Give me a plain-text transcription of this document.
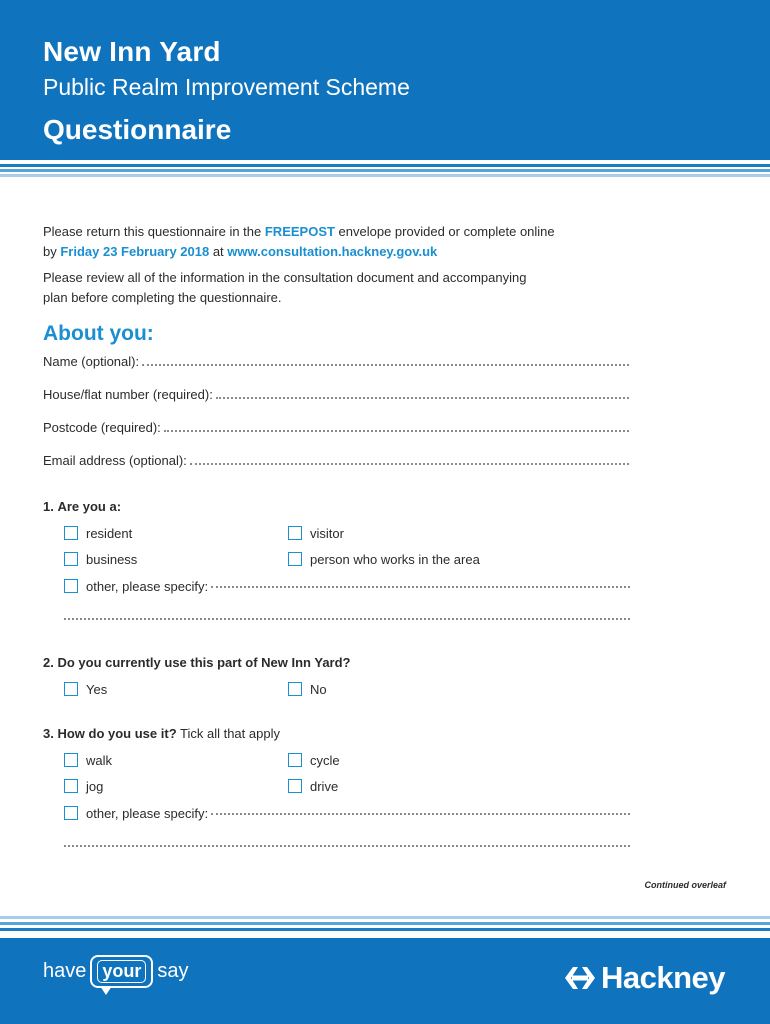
New Inn Yard
Public Realm Improvement Scheme
Questionnaire
Please return this questionnaire in the FREEPOST envelope provided or complete online
by Friday 23 February 2018 at www.consultation.hackney.gov.uk
Please review all of the information in the consultation document and accompanying
plan before completing the questionnaire.
About you:
Name (optional):
House/flat number (required):
Postcode (required):
Email address (optional):
1. Are you a:
resident	visitor
business	person who works in the area
other, please specify:
2. Do you currently use this part of New Inn Yard?
Yes	No
3. How do you use it? Tick all that apply
walk	cycle
jog	drive
other, please specify:
Continued overleaf
have your say	Hackney
